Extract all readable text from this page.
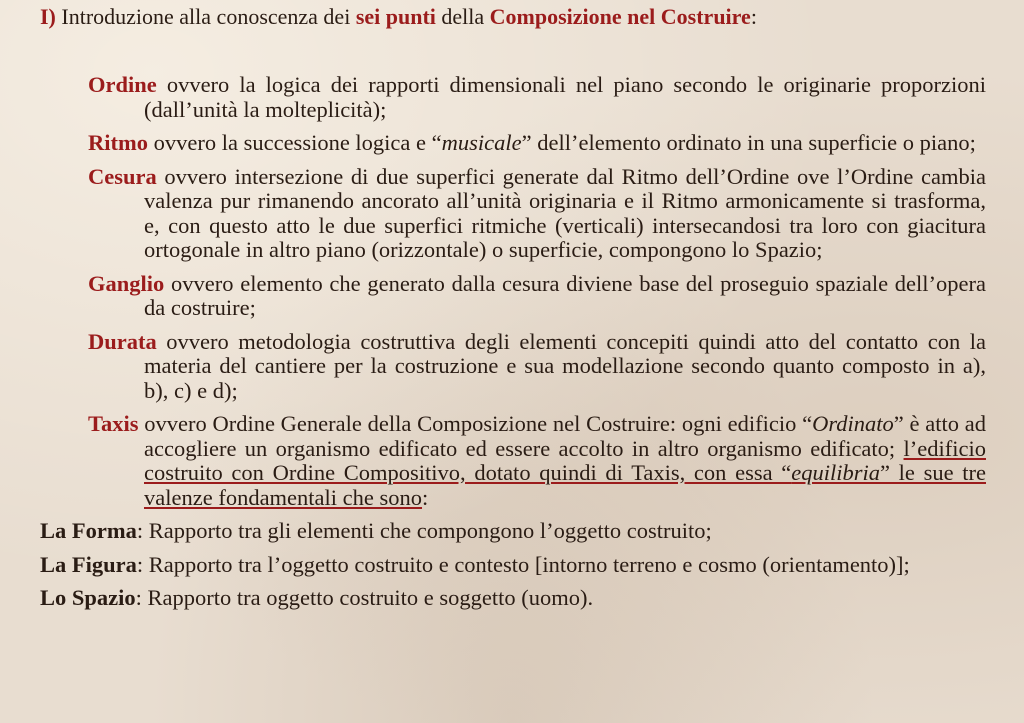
I) Introduzione alla conoscenza dei sei punti della Composizione nel Costruire:
Ordine ovvero la logica dei rapporti dimensionali nel piano secondo le originarie proporzioni (dall’unità la molteplicità);
Ritmo ovvero la successione logica e “musicale” dell’elemento ordinato in una superficie o piano;
Cesura ovvero intersezione di due superfici generate dal Ritmo dell’Ordine ove l’Ordine cambia valenza pur rimanendo ancorato all’unità originaria e il Ritmo armonicamente si trasforma, e, con questo atto le due superfici ritmiche (verticali) intersecandosi tra loro con giacitura ortogonale in altro piano (orizzontale) o superficie, compongono lo Spazio;
Ganglio ovvero elemento che generato dalla cesura diviene base del proseguio spaziale dell’opera da costruire;
Durata ovvero metodologia costruttiva degli elementi concepiti quindi atto del contatto con la materia del cantiere per la costruzione e sua modellazione secondo quanto composto in a), b), c) e d);
Taxis ovvero Ordine Generale della Composizione nel Costruire: ogni edificio “Ordinato” è atto ad accogliere un organismo edificato ed essere accolto in altro organismo edificato; l’edificio costruito con Ordine Compositivo, dotato quindi di Taxis, con essa “equilibria” le sue tre valenze fondamentali che sono:
La Forma: Rapporto tra gli elementi che compongono l’oggetto costruito;
La Figura: Rapporto tra l’oggetto costruito e contesto [intorno terreno e cosmo (orientamento)];
Lo Spazio: Rapporto tra oggetto costruito e soggetto (uomo).
